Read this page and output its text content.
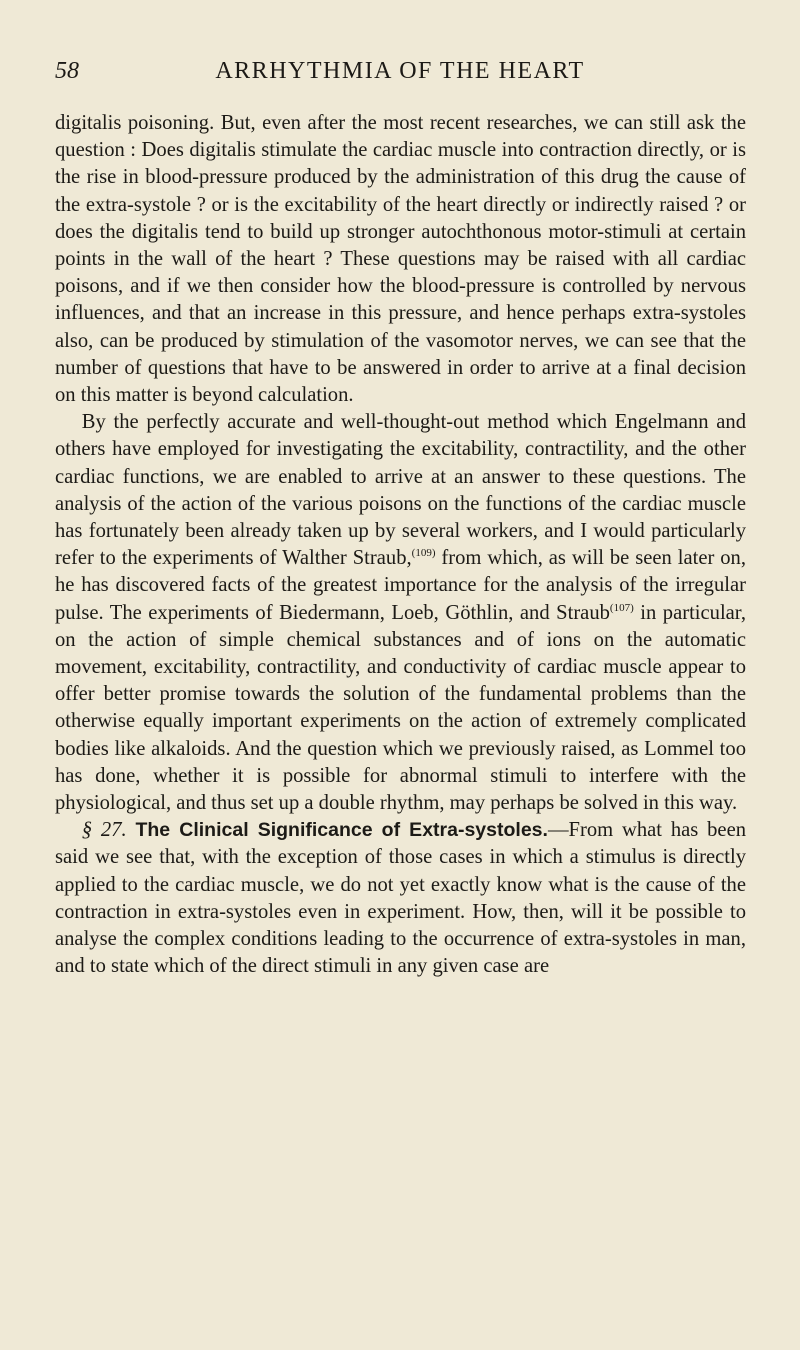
58	ARRHYTHMIA OF THE HEART

digitalis poisoning. But, even after the most recent researches, we can still ask the question : Does digitalis stimulate the cardiac muscle into contraction directly, or is the rise in blood-pressure produced by the administration of this drug the cause of the extra-systole ? or is the excitability of the heart directly or indirectly raised ? or does the digitalis tend to build up stronger autochthonous motor-stimuli at certain points in the wall of the heart ? These questions may be raised with all cardiac poisons, and if we then consider how the blood-pressure is controlled by nervous influences, and that an increase in this pressure, and hence perhaps extra-systoles also, can be produced by stimulation of the vasomotor nerves, we can see that the number of questions that have to be answered in order to arrive at a final decision on this matter is beyond calculation.

By the perfectly accurate and well-thought-out method which Engelmann and others have employed for investigating the excitability, contractility, and the other cardiac functions, we are enabled to arrive at an answer to these questions. The analysis of the action of the various poisons on the functions of the cardiac muscle has fortunately been already taken up by several workers, and I would particularly refer to the experiments of Walther Straub,$^{(109)}$ from which, as will be seen later on, he has discovered facts of the greatest importance for the analysis of the irregular pulse. The experiments of Biedermann, Loeb, Göthlin, and Straub$^{(107)}$ in particular, on the action of simple chemical substances and of ions on the automatic movement, excitability, contractility, and conductivity of cardiac muscle appear to offer better promise towards the solution of the fundamental problems than the otherwise equally important experiments on the action of extremely complicated bodies like alkaloids. And the question which we previously raised, as Lommel too has done, whether it is possible for abnormal stimuli to interfere with the physiological, and thus set up a double rhythm, may perhaps be solved in this way.

§ 27. The Clinical Significance of Extra-systoles.—From what has been said we see that, with the exception of those cases in which a stimulus is directly applied to the cardiac muscle, we do not yet exactly know what is the cause of the contraction in extra-systoles even in experiment. How, then, will it be possible to analyse the complex conditions leading to the occurrence of extra-systoles in man, and to state which of the direct stimuli in any given case are
